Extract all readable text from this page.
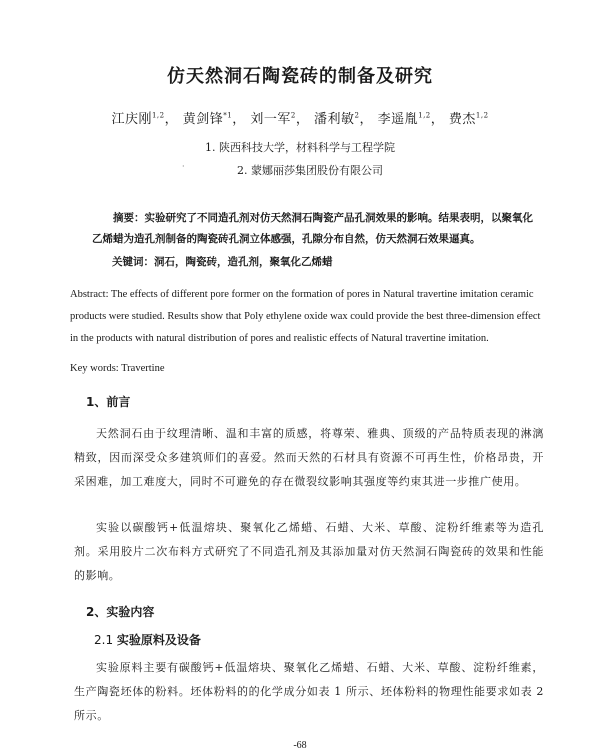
仿天然洞石陶瓷砖的制备及研究
江庆刚$^{1,2}$， 黄剑锋$^{*1}$， 刘一军$^2$， 潘利敏$^2$， 李遥胤$^{1,2}$， 费杰$^{1,2}$
1. 陕西科技大学，材料科学与工程学院
2. 蒙娜丽莎集团股份有限公司
·
摘要：实验研究了不同造孔剂对仿天然洞石陶瓷产品孔洞效果的影响。结果表明，以聚氧化乙烯蜡为造孔剂制备的陶瓷砖孔洞立体感强，孔隙分布自然，仿天然洞石效果逼真。
关键词：洞石，陶瓷砖，造孔剂，聚氧化乙烯蜡
Abstract: The effects of different pore former on the formation of pores in Natural travertine imitation ceramic products were studied. Results show that Poly ethylene oxide wax could provide the best three-dimension effect in the products with natural distribution of pores and realistic effects of Natural travertine imitation.
Key words: Travertine
1、前言
天然洞石由于纹理清晰、温和丰富的质感，将尊荣、雅典、顶级的产品特质表现的淋漓精致，因而深受众多建筑师们的喜爱。然而天然的石材具有资源不可再生性，价格昂贵，开采困难，加工难度大，同时不可避免的存在微裂纹影响其强度等约束其进一步推广使用。
实验以碳酸钙+低温熔块、聚氧化乙烯蜡、石蜡、大米、草酸、淀粉纤维素等为造孔剂。采用胶片二次布料方式研究了不同造孔剂及其添加量对仿天然洞石陶瓷砖的效果和性能的影响。
2、实验内容
2.1 实验原料及设备
实验原料主要有碳酸钙+低温熔块、聚氧化乙烯蜡、石蜡、大米、草酸、淀粉纤维素，生产陶瓷坯体的粉料。坯体粉料的的化学成分如表 1 所示、坯体粉料的物理性能要求如表 2 所示。
-68
